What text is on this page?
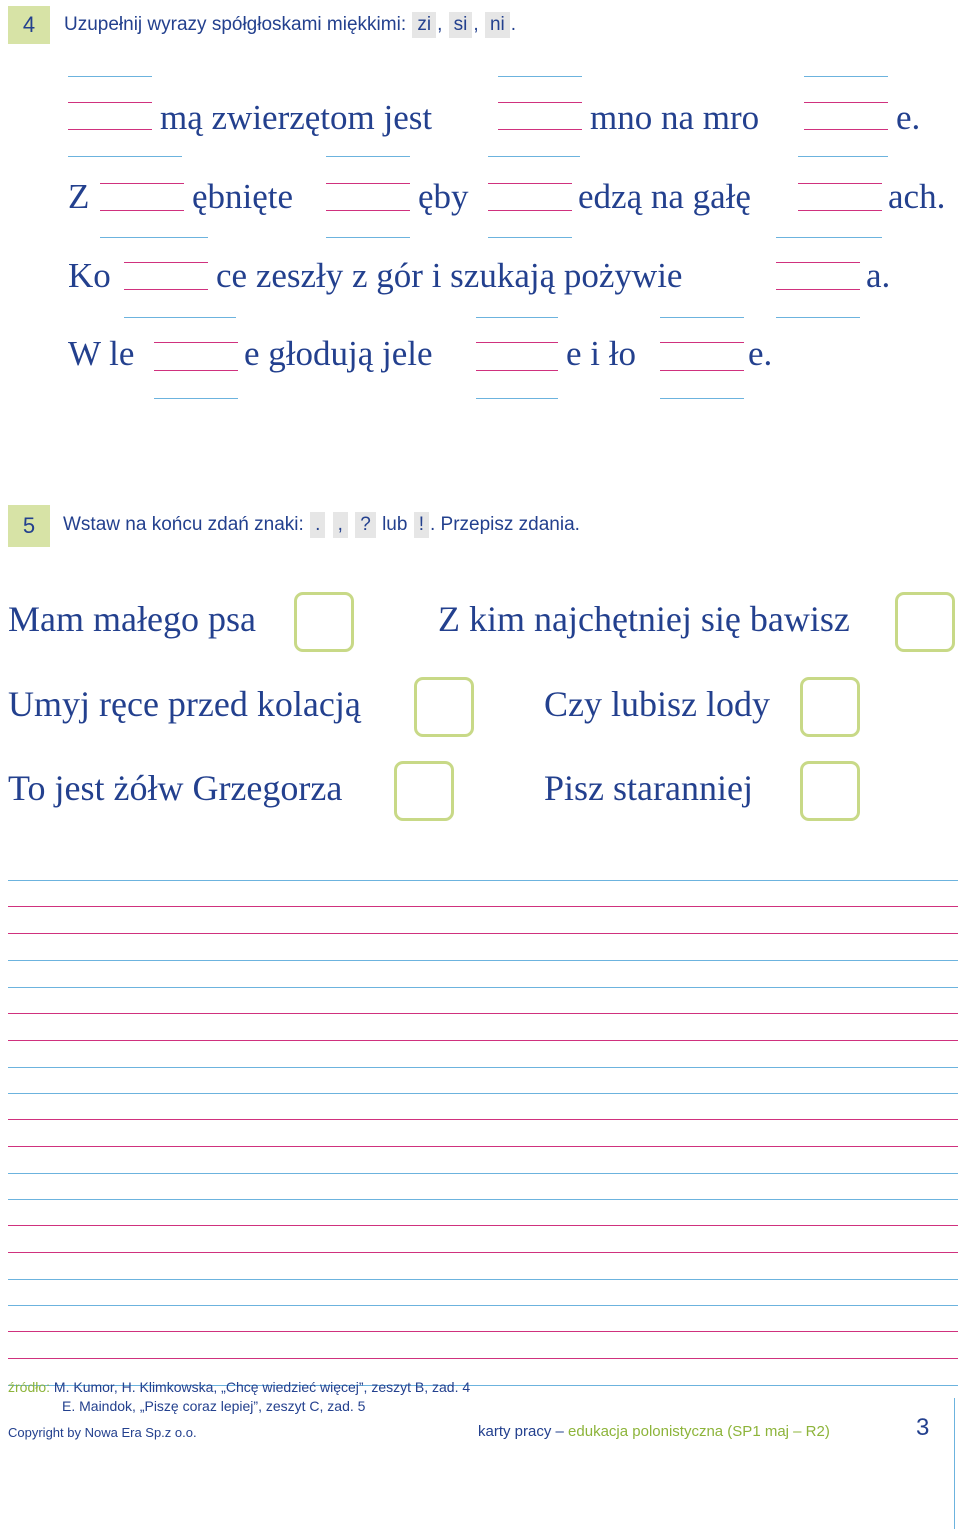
4	Uzupełnij wyrazy spółgłoskami miękkimi: zi , si , ni .
mą zwierzętom jest	mno na mro	e.
Z	ębnięte	ęby	edzą na gałę	ach.
Ko	ce zeszły z gór i szukają pożywie	a.
W le	e głodują jele	e i ło	e.
5	Wstaw na końcu zdań znaki: . , ? lub ! . Przepisz zdania.
Mam małego psa	Z kim najchętniej się bawisz
Umyj ręce przed kolacją	Czy lubisz lody
To jest żółw Grzegorza	Pisz staranniej
źródło: M. Kumor, H. Klimkowska, „Chcę wiedzieć więcej”, zeszyt B, zad. 4
E. Maindok, „Piszę coraz lepiej”, zeszyt C, zad. 5
Copyright by Nowa Era Sp.z o.o.	karty pracy – edukacja polonistyczna (SP1 maj – R2)	3
